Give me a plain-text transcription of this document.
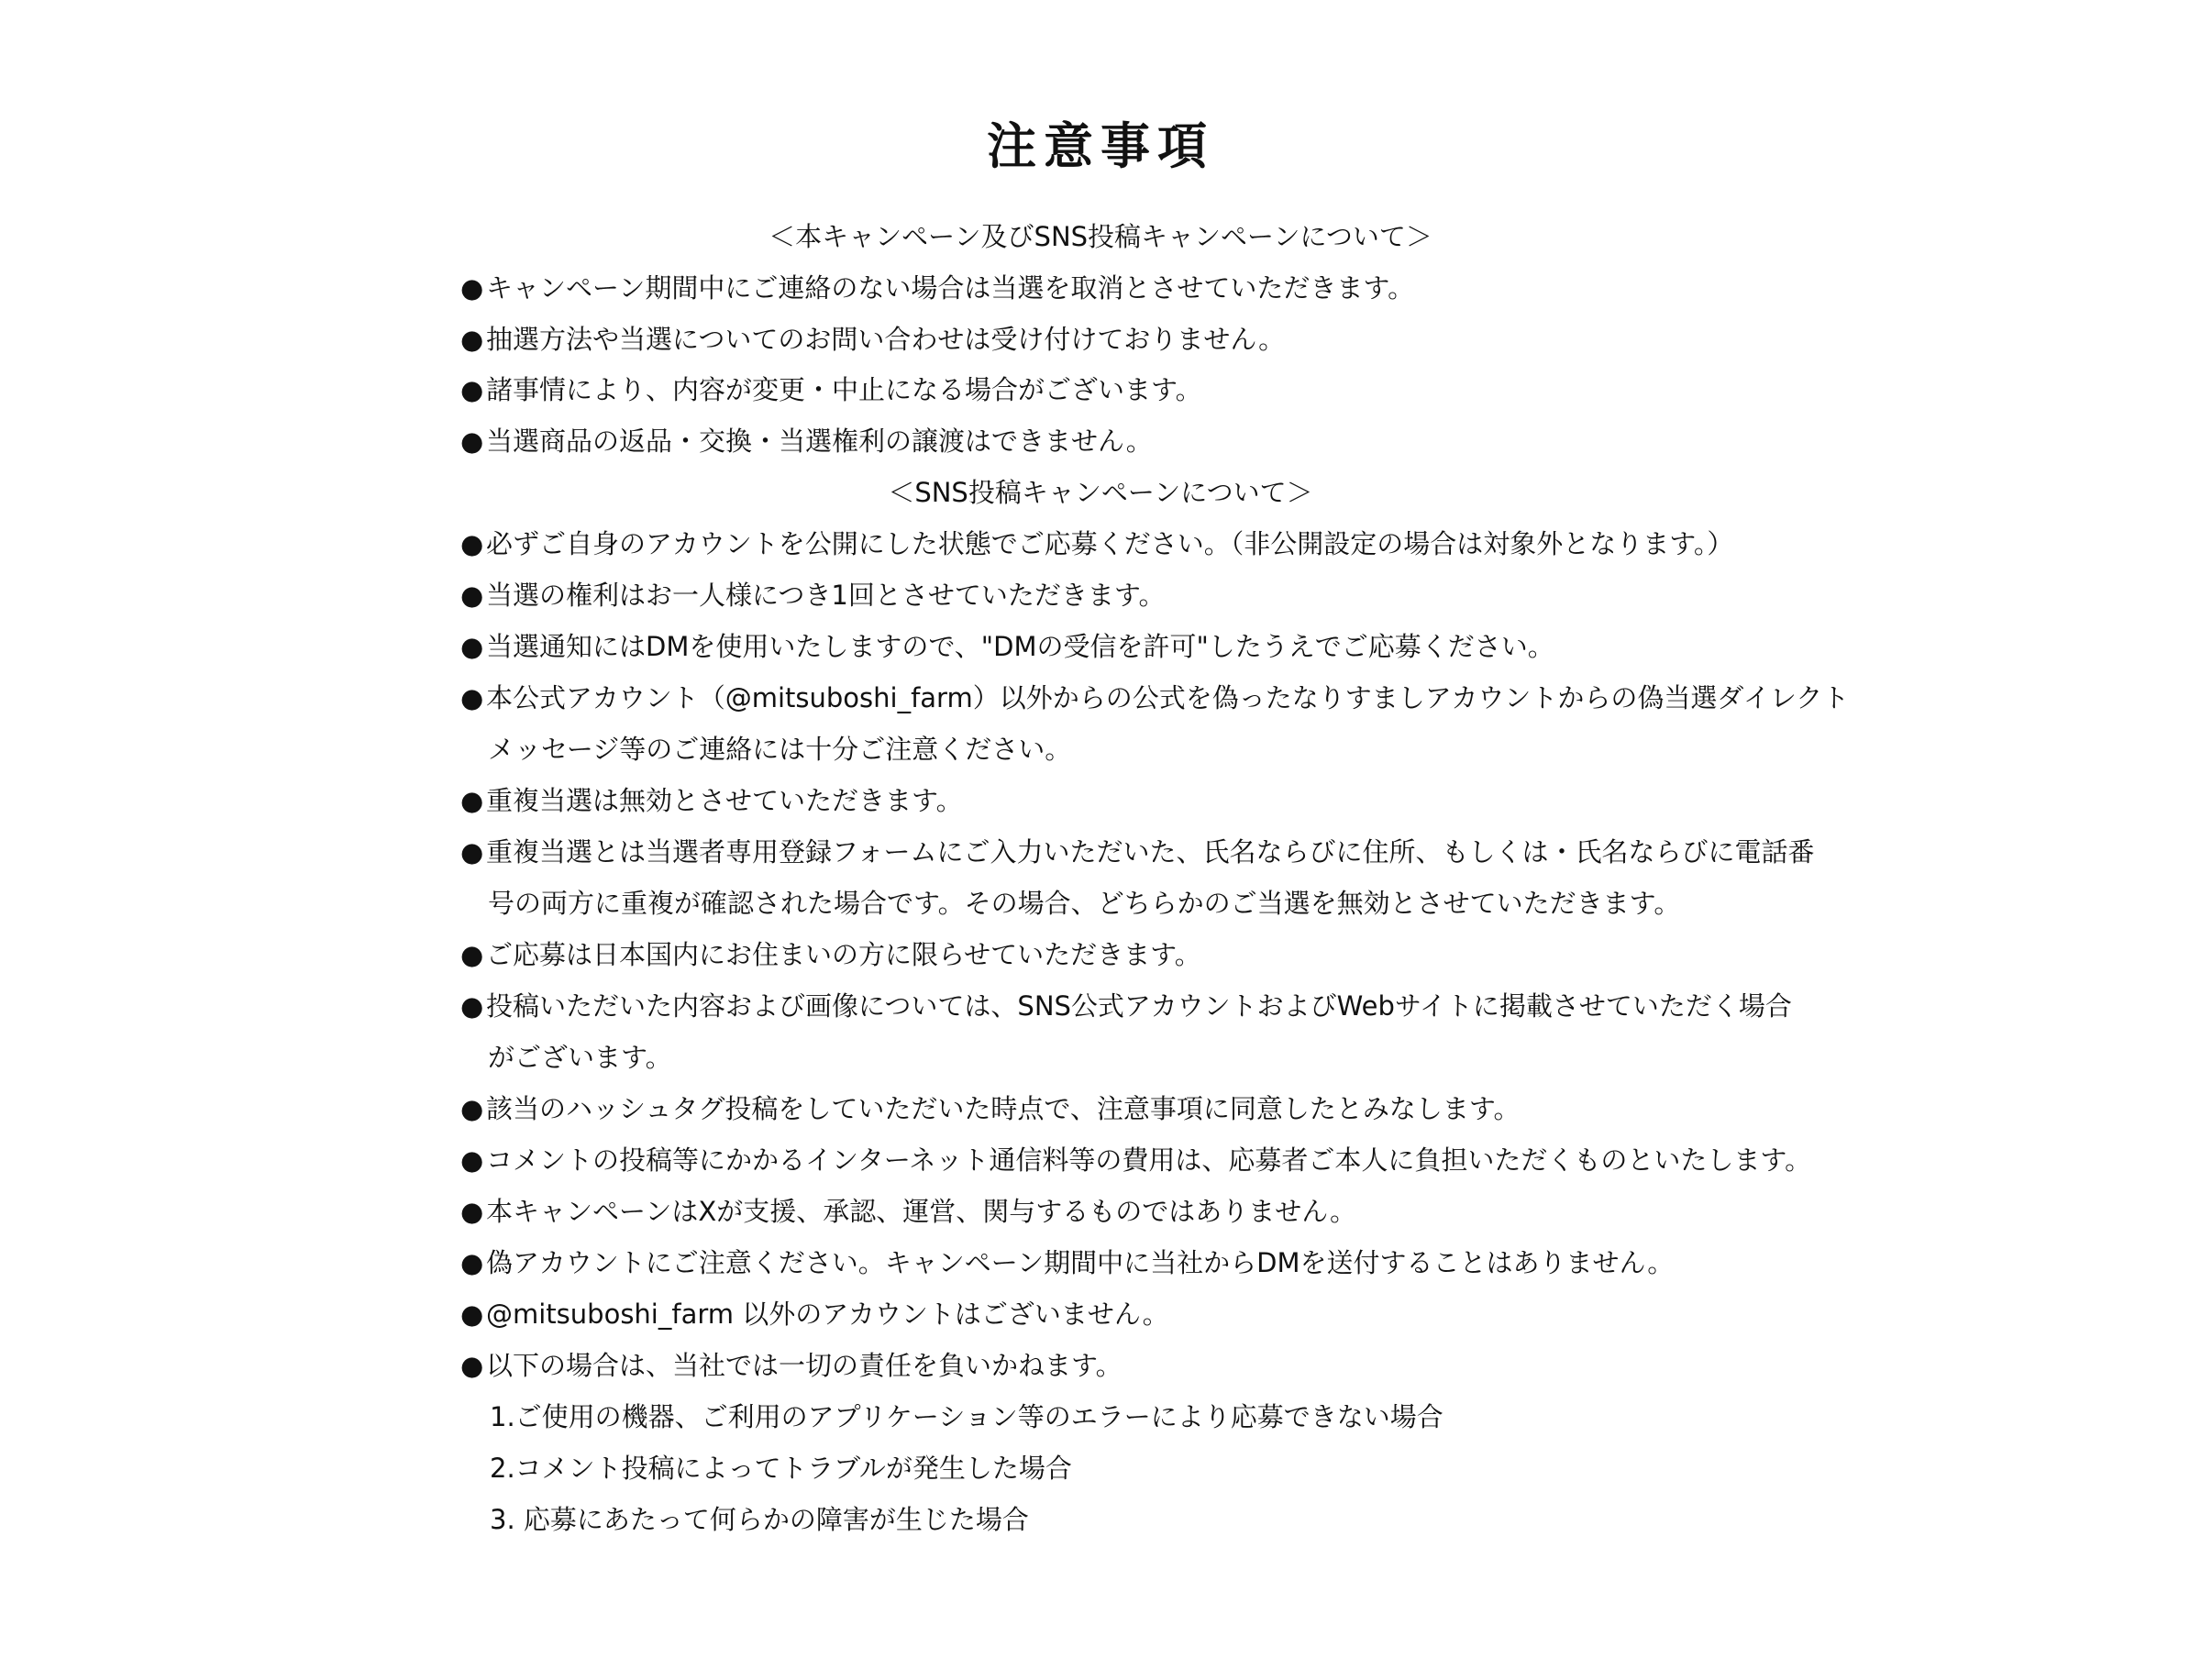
注意事項
＜本キャンペーン及びSNS投稿キャンペーンについて＞
● キャンペーン期間中にご連絡のない場合は当選を取消とさせていただきます。
● 抽選方法や当選についてのお問い合わせは受け付けておりません。
● 諸事情により、内容が変更・中止になる場合がございます。
● 当選商品の返品・交換・当選権利の譲渡はできません。
＜SNS投稿キャンペーンについて＞
● 必ずご自身のアカウントを公開にした状態でご応募ください。（非公開設定の場合は対象外となります。）
● 当選の権利はお一人様につき1回とさせていただきます。
● 当選通知にはDMを使用いたしますので、"DMの受信を許可"したうえでご応募ください。
● 本公式アカウント（@mitsuboshi_farm）以外からの公式を偽ったなりすましアカウントからの偽当選ダイレクト
メッセージ等のご連絡には十分ご注意ください。
● 重複当選は無効とさせていただきます。
● 重複当選とは当選者専用登録フォームにご入力いただいた、氏名ならびに住所、もしくは・氏名ならびに電話番
号の両方に重複が確認された場合です。その場合、どちらかのご当選を無効とさせていただきます。
● ご応募は日本国内にお住まいの方に限らせていただきます。
● 投稿いただいた内容および画像については、SNS公式アカウントおよびWebサイトに掲載させていただく場合
がございます。
● 該当のハッシュタグ投稿をしていただいた時点で、注意事項に同意したとみなします。
● コメントの投稿等にかかるインターネット通信料等の費用は、応募者ご本人に負担いただくものといたします。
● 本キャンペーンはXが支援、承認、運営、関与するものではありません。
● 偽アカウントにご注意ください。キャンペーン期間中に当社からDMを送付することはありません。
● @mitsuboshi_farm 以外のアカウントはございません。
● 以下の場合は、当社では一切の責任を負いかねます。
1.ご使用の機器、ご利用のアプリケーション等のエラーにより応募できない場合
2.コメント投稿によってトラブルが発生した場合
3. 応募にあたって何らかの障害が生じた場合
